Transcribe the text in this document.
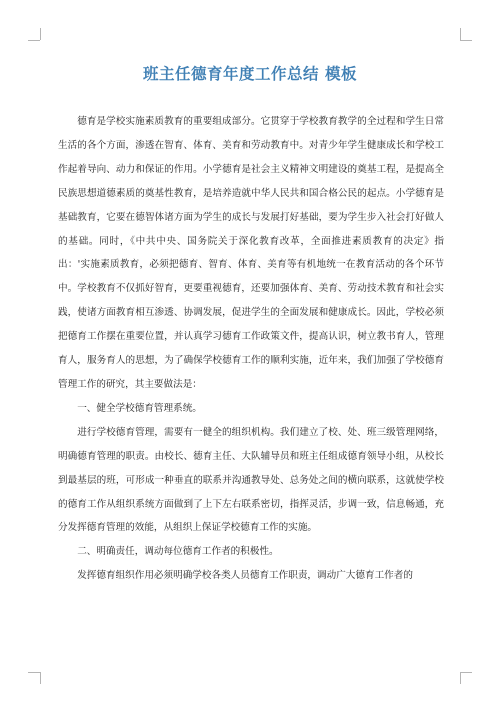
班主任德育年度工作总结 模板

德育是学校实施素质教育的重要组成部分。它贯穿于学校教育教学的全过程和学生日常生活的各个方面，渗透在智育、体育、美育和劳动教育中。对青少年学生健康成长和学校工作起着导向、动力和保证的作用。小学德育是社会主义精神文明建设的奠基工程，是提高全民族思想道德素质的奠基性教育，是培养造就中华人民共和国合格公民的起点。小学德育是基础教育，它要在德智体诸方面为学生的成长与发展打好基础，要为学生步入社会打好做人的基础。同时，《中共中央、国务院关于深化教育改革，全面推进素质教育的决定》指出：'实施素质教育，必须把德育、智育、体育、美育等有机地统一在教育活动的各个环节中。学校教育不仅抓好智育，更要重视德育，还要加强体育、美育、劳动技术教育和社会实践，使诸方面教育相互渗透、协调发展，促进学生的全面发展和健康成长。因此，学校必须把德育工作摆在重要位置，并认真学习德育工作政策文件，提高认识，树立教书育人，管理育人，服务育人的思想，为了确保学校德育工作的顺利实施，近年来，我们加强了学校德育管理工作的研究，其主要做法是：

一、健全学校德育管理系统。

进行学校德育管理，需要有一健全的组织机构。我们建立了校、处、班三级管理网络，明确德育管理的职责。由校长、德育主任、大队辅导员和班主任组成德育领导小组，从校长到最基层的班，可形成一种垂直的联系并沟通教导处、总务处之间的横向联系，这就使学校的德育工作从组织系统方面做到了上下左右联系密切，指挥灵活，步调一致，信息畅通，充分发挥德育管理的效能，从组织上保证学校德育工作的实施。

二、明确责任，调动每位德育工作者的积极性。

发挥德育组织作用必须明确学校各类人员德育工作职责，调动广大德育工作者的
